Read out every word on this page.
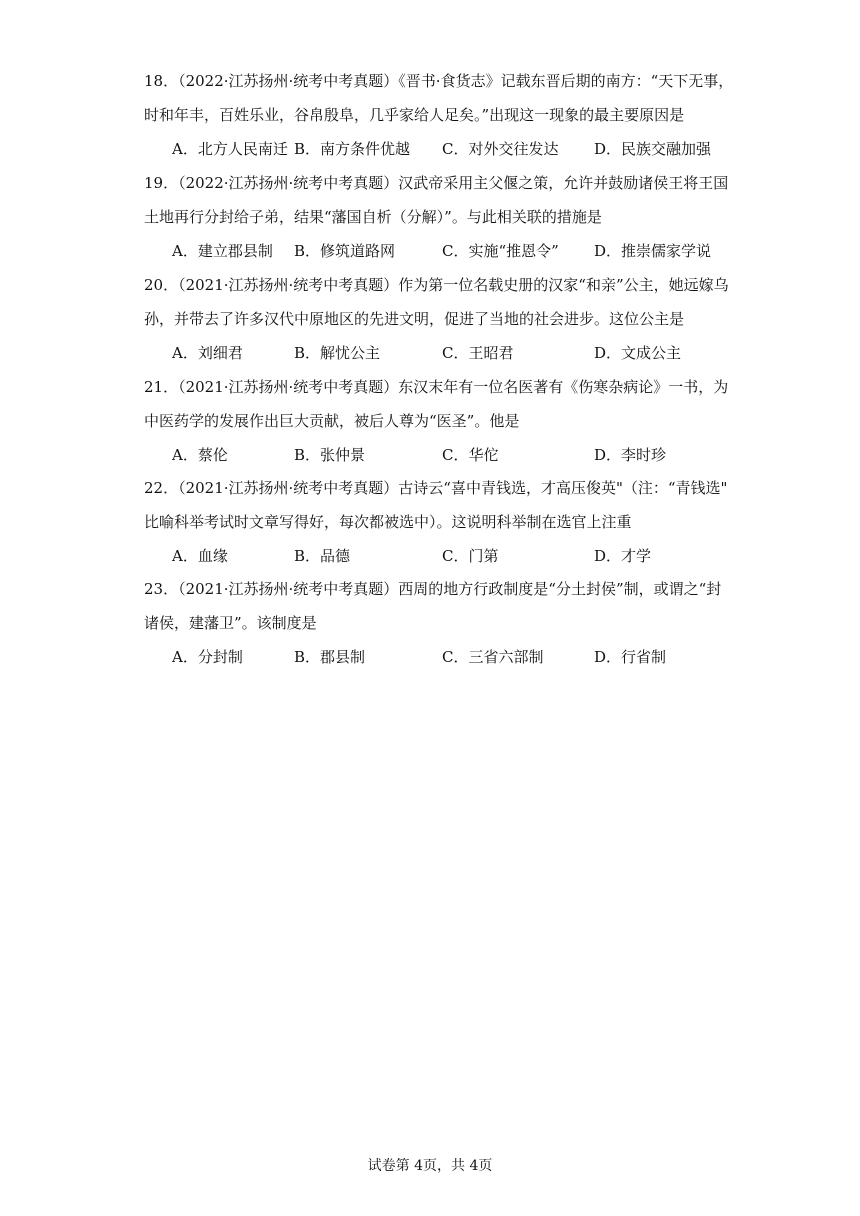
18．（2022·江苏扬州·统考中考真题）《晋书·食货志》记载东晋后期的南方：“天下无事，
时和年丰，百姓乐业，谷帛殷阜，几乎家给人足矣。”出现这一现象的最主要原因是
A．北方人民南迁 B．南方条件优越 C．对外交往发达 D．民族交融加强
19．（2022·江苏扬州·统考中考真题）汉武帝采用主父偃之策，允许并鼓励诸侯王将王国
土地再行分封给子弟，结果“藩国自析（分解）”。与此相关联的措施是
A．建立郡县制 B．修筑道路网	C．实施“推恩令” D．推崇儒家学说
20．（2021·江苏扬州·统考中考真题）作为第一位名载史册的汉家“和亲”公主，她远嫁乌
孙，并带去了许多汉代中原地区的先进文明，促进了当地的社会进步。这位公主是
A．刘细君	B．解忧公主	C．王昭君	D．文成公主
21．（2021·江苏扬州·统考中考真题）东汉末年有一位名医著有《伤寒杂病论》一书，为
中医药学的发展作出巨大贡献，被后人尊为“医圣”。他是
A．蔡伦	B．张仲景	C．华佗	D．李时珍
22．（2021·江苏扬州·统考中考真题）古诗云“喜中青钱选，才高压俊英"（注：“青钱选"
比喻科举考试时文章写得好，每次都被选中）。这说明科举制在选官上注重
A．血缘	B．品德	C．门第	D．才学
23．（2021·江苏扬州·统考中考真题）西周的地方行政制度是“分土封侯”制，或谓之“封
诸侯，建藩卫”。该制度是
A．分封制	B．郡县制	C．三省六部制	D．行省制
试卷第 4页，共 4页
